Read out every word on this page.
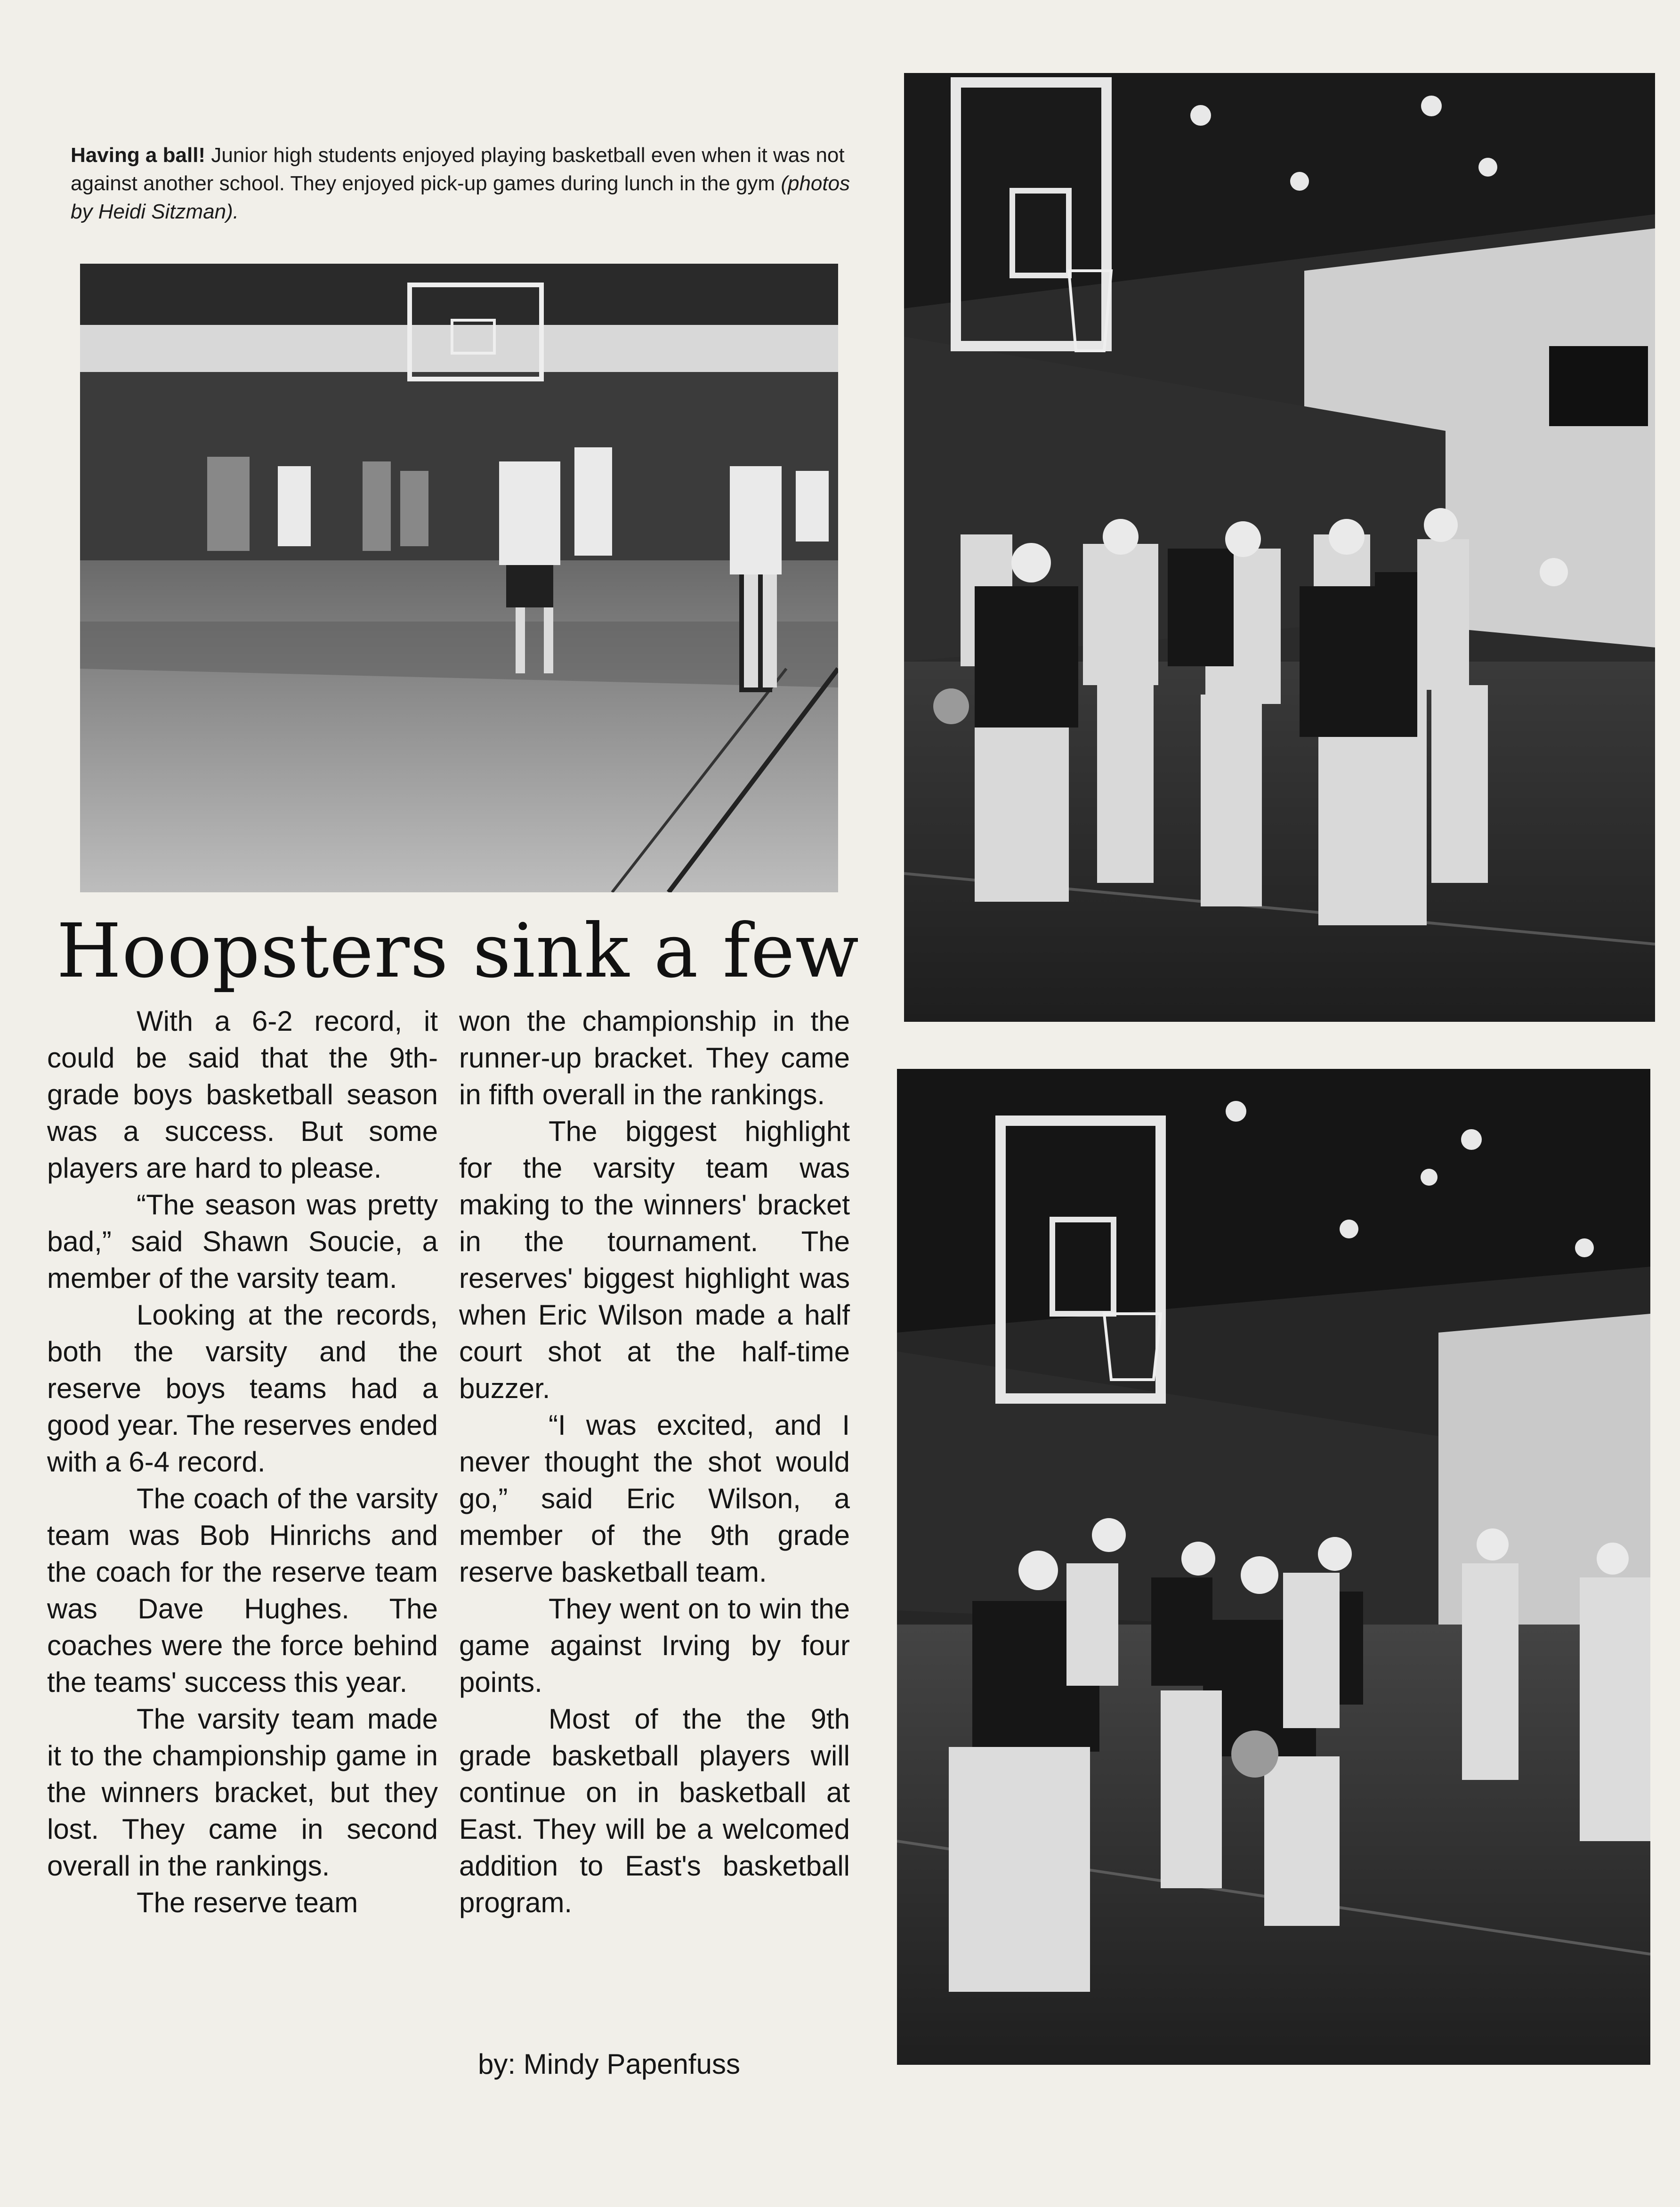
Having a ball! Junior high students enjoyed playing basketball even when it was not against another school. They enjoyed pick-up games during lunch in the gym (photos by Heidi Sitzman).
Hoopsters sink a few

With a 6-2 record, it could be said that the 9th-grade boys basketball season was a success. But some players are hard to please.

“The season was pretty bad,” said Shawn Soucie, a member of the varsity team.

Looking at the records, both the varsity and the reserve boys teams had a good year. The reserves ended with a 6-4 record.

The coach of the varsity team was Bob Hinrichs and the coach for the reserve team was Dave Hughes. The coaches were the force behind the teams' success this year.

The varsity team made it to the championship game in the winners bracket, but they lost. They came in second overall in the rankings.

The reserve team

won the championship in the runner-up bracket. They came in fifth overall in the rankings.

The biggest highlight for the varsity team was making to the winners' bracket in the tournament. The reserves' biggest highlight was when Eric Wilson made a half court shot at the half-time buzzer.

“I was excited, and I never thought the shot would go,” said Eric Wilson, a member of the 9th grade reserve basketball team.

They went on to win the game against Irving by four points.

Most of the the 9th grade basketball players will continue on in basketball at East. They will be a welcomed addition to East's basketball program.

by: Mindy Papenfuss
